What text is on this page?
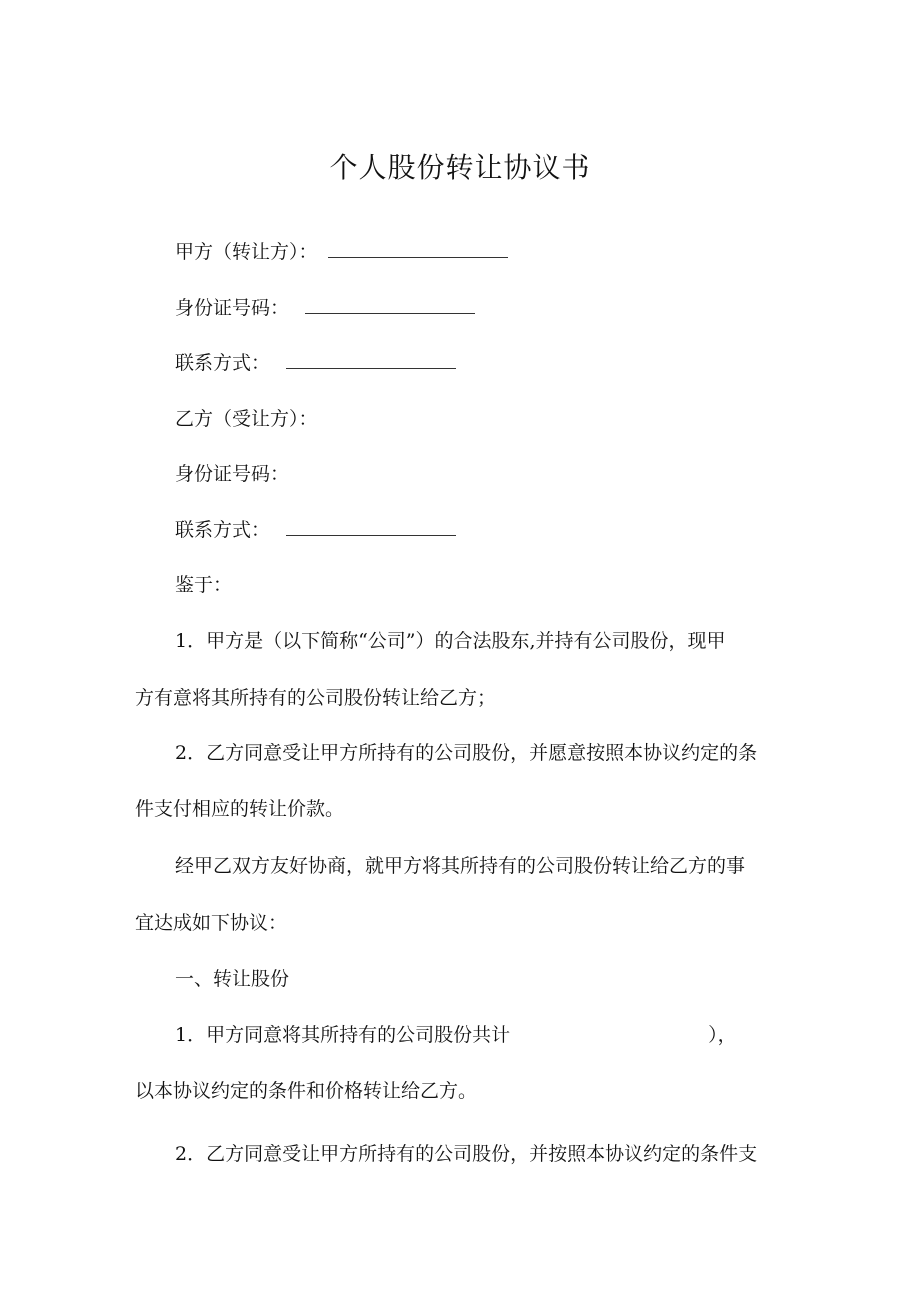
个人股份转让协议书
甲方（转让方）：
身份证号码：
联系方式：
乙方（受让方）：
身份证号码：
联系方式：
鉴于：
1．甲方是（以下简称“公司”）的合法股东,并持有公司股份，现甲
方有意将其所持有的公司股份转让给乙方；
2．乙方同意受让甲方所持有的公司股份，并愿意按照本协议约定的条
件支付相应的转让价款。
经甲乙双方友好协商，就甲方将其所持有的公司股份转让给乙方的事
宜达成如下协议：
一、转让股份
1．甲方同意将其所持有的公司股份共计	），
以本协议约定的条件和价格转让给乙方。
2．乙方同意受让甲方所持有的公司股份，并按照本协议约定的条件支
